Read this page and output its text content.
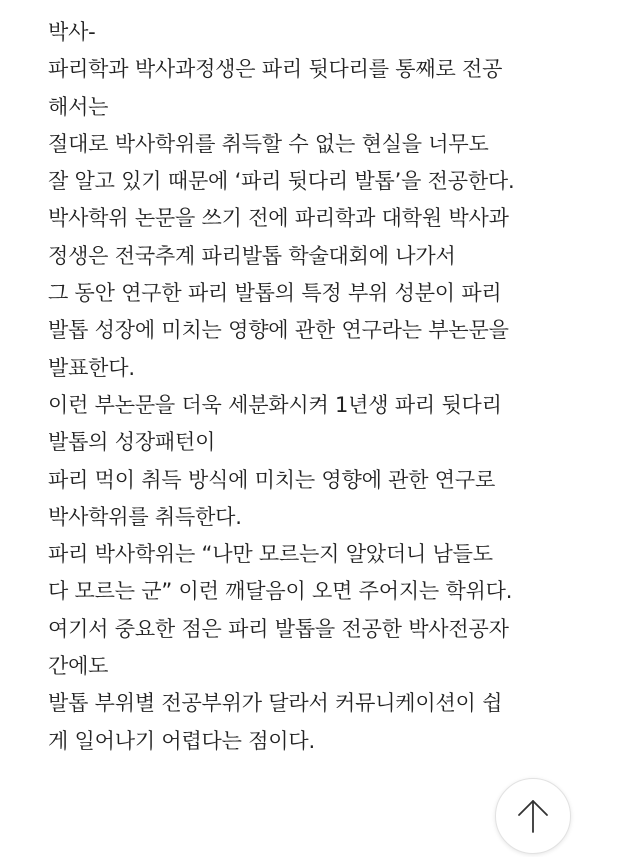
박사-
파리학과 박사과정생은 파리 뒷다리를 통째로 전공
해서는
절대로 박사학위를 취득할 수 없는 현실을 너무도
잘 알고 있기 때문에 ‘파리 뒷다리 발톱’을 전공한다.
박사학위 논문을 쓰기 전에 파리학과 대학원 박사과
정생은 전국추계 파리발톱 학술대회에 나가서
그 동안 연구한 파리 발톱의 특정 부위 성분이 파리
발톱 성장에 미치는 영향에 관한 연구라는 부논문을
발표한다.
이런 부논문을 더욱 세분화시켜 1년생 파리 뒷다리
발톱의 성장패턴이
파리 먹이 취득 방식에 미치는 영향에 관한 연구로
박사학위를 취득한다.
파리 박사학위는 “나만 모르는지 알았더니 남들도
다 모르는 군” 이런 깨달음이 오면 주어지는 학위다.
여기서 중요한 점은 파리 발톱을 전공한 박사전공자
간에도
발톱 부위별 전공부위가 달라서 커뮤니케이션이 쉽
게 일어나기 어렵다는 점이다.
